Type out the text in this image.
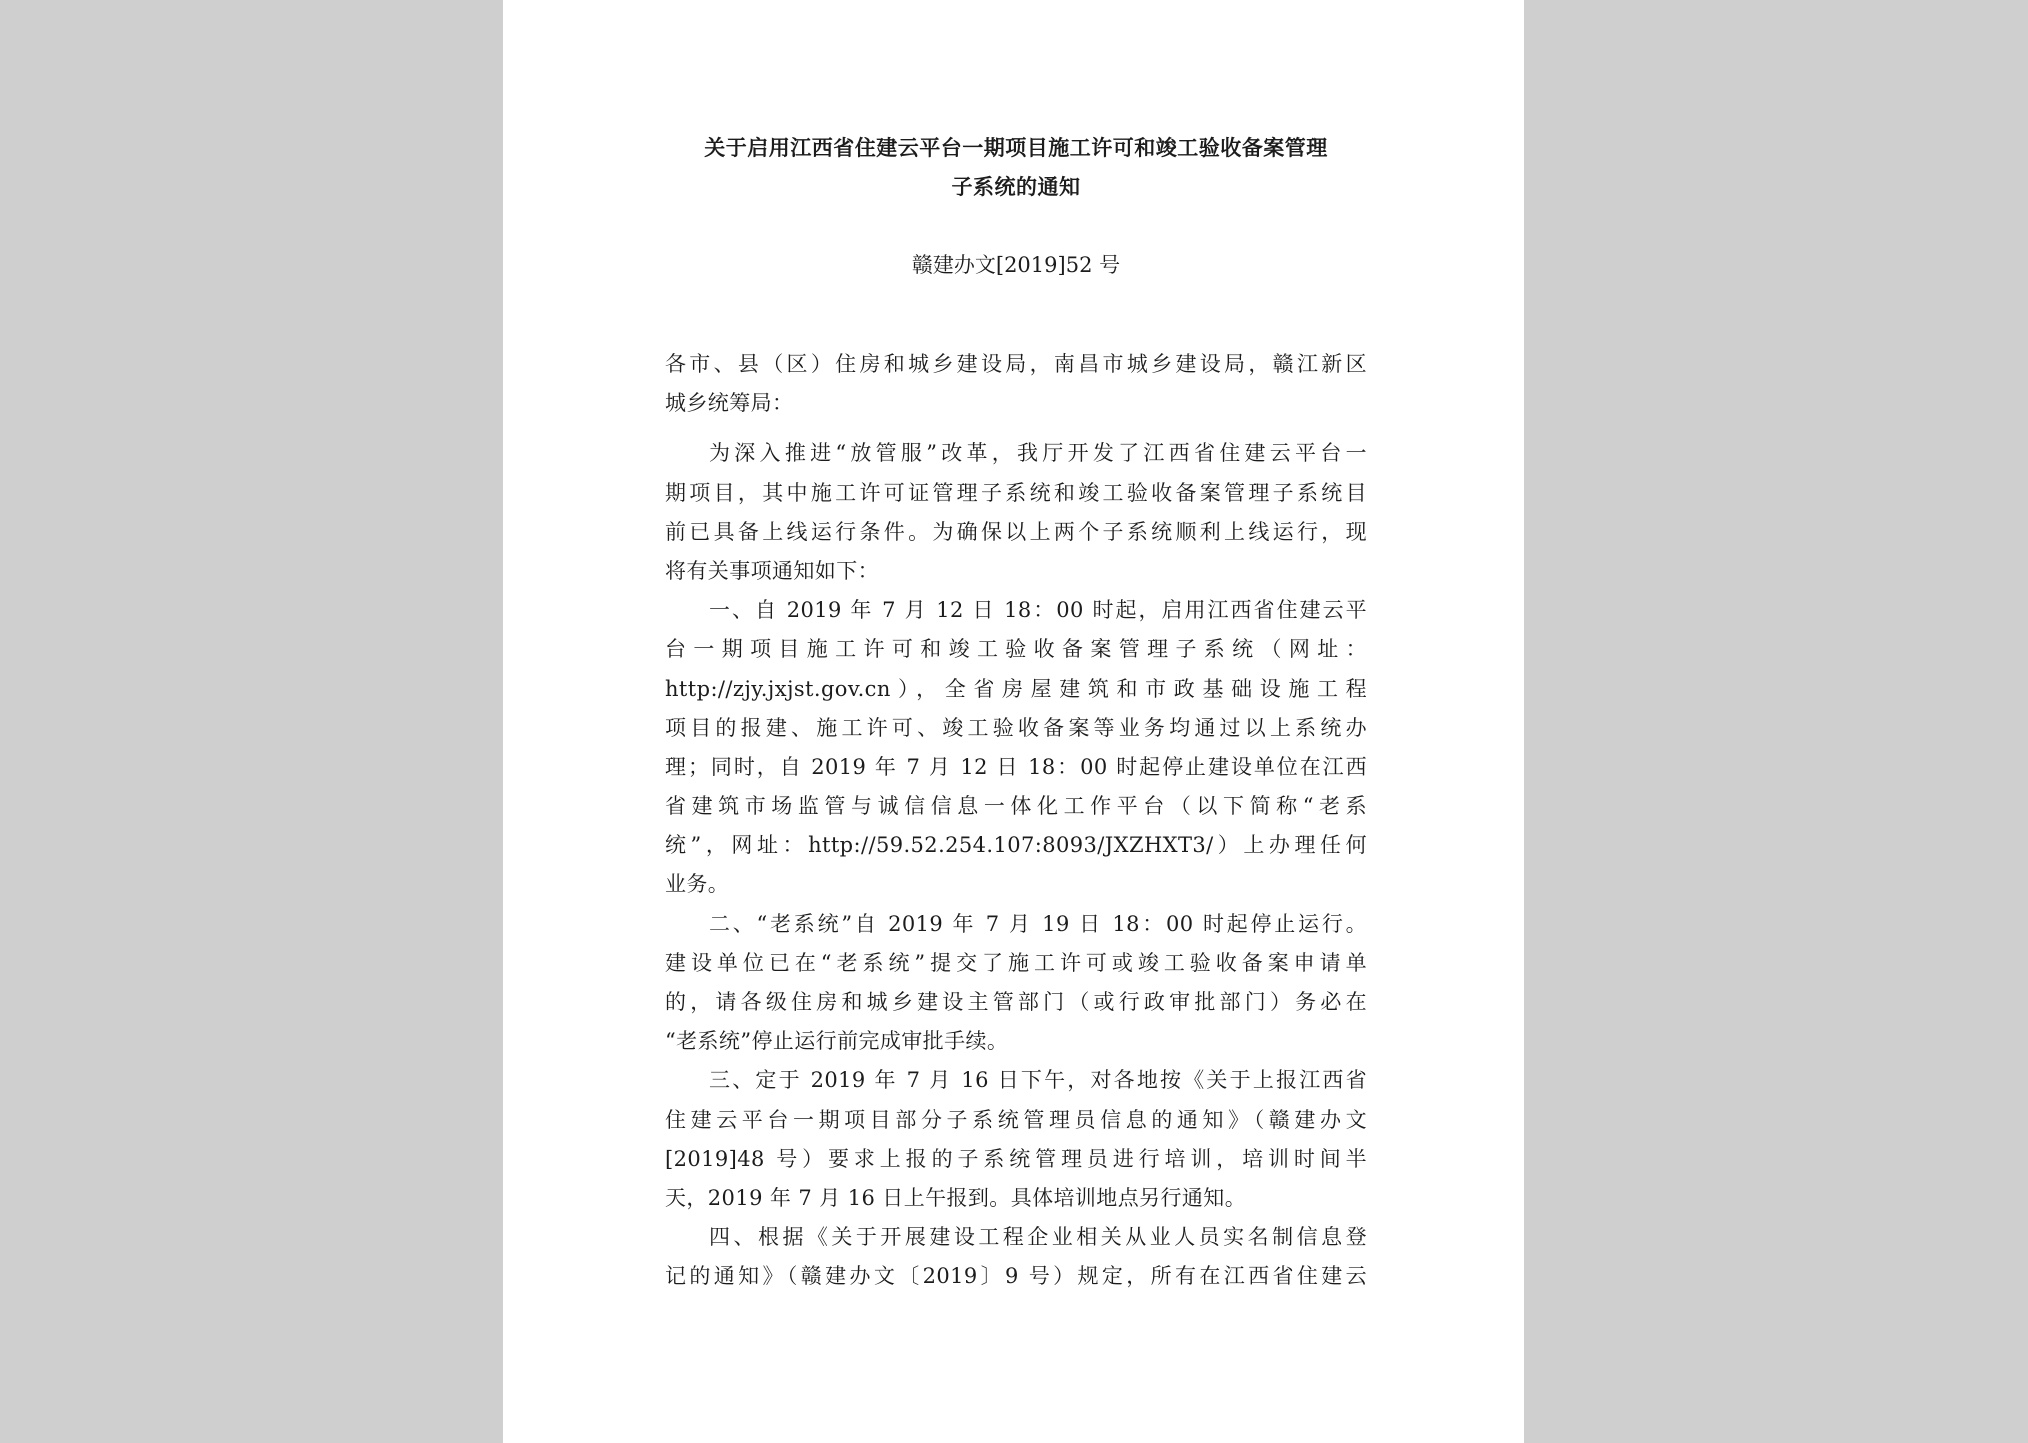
关于启用江西省住建云平台一期项目施工许可和竣工验收备案管理
子系统的通知
赣建办文[2019]52 号
各市、县（区）住房和城乡建设局，南昌市城乡建设局，赣江新区
城乡统筹局：
为深入推进“放管服”改革，我厅开发了江西省住建云平台一
期项目，其中施工许可证管理子系统和竣工验收备案管理子系统目
前已具备上线运行条件。为确保以上两个子系统顺利上线运行，现
将有关事项通知如下：
一、自 2019 年 7 月 12 日 18：00 时起，启用江西省住建云平
台一期项目施工许可和竣工验收备案管理子系统（网址：
http://zjy.jxjst.gov.cn），全省房屋建筑和市政基础设施工程
项目的报建、施工许可、竣工验收备案等业务均通过以上系统办
理；同时，自 2019 年 7 月 12 日 18：00 时起停止建设单位在江西
省建筑市场监管与诚信信息一体化工作平台（以下简称“老系
统”，网址：http://59.52.254.107:8093/JXZHXT3/）上办理任何
业务。
二、“老系统”自 2019 年 7 月 19 日 18：00 时起停止运行。
建设单位已在“老系统”提交了施工许可或竣工验收备案申请单
的，请各级住房和城乡建设主管部门（或行政审批部门）务必在
“老系统”停止运行前完成审批手续。
三、定于 2019 年 7 月 16 日下午，对各地按《关于上报江西省
住建云平台一期项目部分子系统管理员信息的通知》（赣建办文
[2019]48 号）要求上报的子系统管理员进行培训，培训时间半
天，2019 年 7 月 16 日上午报到。具体培训地点另行通知。
四、根据《关于开展建设工程企业相关从业人员实名制信息登
记的通知》（赣建办文〔2019〕9 号）规定，所有在江西省住建云
